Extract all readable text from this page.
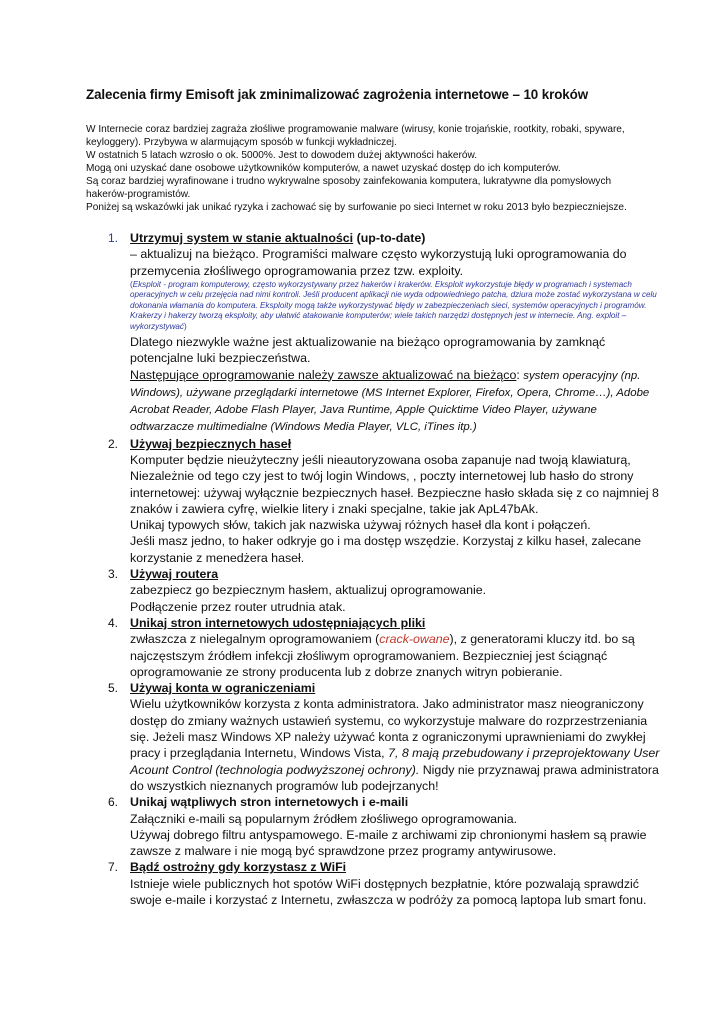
Zalecenia firmy Emisoft jak zminimalizować zagrożenia internetowe – 10 kroków

W Internecie coraz bardziej zagraża złośliwe programowanie malware (wirusy, konie trojańskie, rootkity, robaki, spyware, keyloggery). Przybywa w alarmującym sposób w funkcji wykładniczej.

W ostatnich 5 latach wzrosło o ok. 5000%. Jest to dowodem dużej aktywności hakerów.

Mogą oni uzyskać dane osobowe użytkowników komputerów, a nawet uzyskać dostęp do ich komputerów.

Są coraz bardziej wyrafinowane i trudno wykrywalne sposoby zainfekowania komputera, lukratywne dla pomysłowych hakerów-programistów.

Poniżej są wskazówki jak unikać ryzyka i zachować się by surfowanie po sieci Internet w roku 2013 było bezpieczniejsze.

1. Utrzymuj system w stanie aktualności (up-to-date)

– aktualizuj na bieżąco. Programiści malware często wykorzystują luki oprogramowania do przemycenia złośliwego oprogramowania przez tzw. exploity.

(Eksploit - program komputerowy, często wykorzystywany przez hakerów i krakerów. Eksploit wykorzystuje błędy w programach i systemach operacyjnych w celu przejęcia nad nimi kontroli. Jeśli producent aplikacji nie wyda odpowiedniego patcha, dziura może zostać wykorzystana w celu dokonania włamania do komputera. Eksploity mogą także wykorzystywać błędy w zabezpieczeniach sieci, systemów operacyjnych i programów. Krakerzy i hakerzy tworzą eksploity, aby ułatwić atakowanie komputerów; wiele takich narzędzi dostępnych jest w internecie. Ang. exploit – wykorzystywać)

Dlatego niezwykle ważne jest aktualizowanie na bieżąco oprogramowania by zamknąć potencjalne luki bezpieczeństwa.

Następujące oprogramowanie należy zawsze aktualizować na bieżąco: system operacyjny (np. Windows), używane przeglądarki internetowe (MS Internet Explorer, Firefox, Opera, Chrome…), Adobe Acrobat Reader, Adobe Flash Player, Java Runtime, Apple Quicktime Video Player, używane odtwarzacze multimedialne (Windows Media Player, VLC, iTines itp.)

2. Używaj bezpiecznych haseł

Komputer będzie nieużyteczny jeśli nieautoryzowana osoba zapanuje nad twoją klawiaturą, Niezależnie od tego czy jest to twój login Windows, , poczty internetowej lub hasło do strony internetowej: używaj wyłącznie bezpiecznych haseł. Bezpieczne hasło składa się z co najmniej 8 znaków i zawiera cyfrę, wielkie litery i znaki specjalne, takie jak ApL47bAk.

Unikaj typowych słów, takich jak nazwiska używaj różnych haseł dla kont i połączeń.

Jeśli masz jedno, to haker odkryje go i ma dostęp wszędzie. Korzystaj z kilku haseł, zalecane korzystanie z menedżera haseł.

3. Używaj routera

zabezpiecz go bezpiecznym hasłem, aktualizuj oprogramowanie.

Podłączenie przez router utrudnia atak.

4. Unikaj stron internetowych udostępniających pliki

zwłaszcza z nielegalnym oprogramowaniem (crack-owane), z generatorami kluczy itd. bo są najczęstszym źródłem infekcji złośliwym oprogramowaniem. Bezpieczniej jest ściągnąć oprogramowanie ze strony producenta lub z dobrze znanych witryn pobieranie.

5. Używaj konta w ograniczeniami

Wielu użytkowników korzysta z konta administratora. Jako administrator masz nieograniczony dostęp do zmiany ważnych ustawień systemu, co wykorzystuje malware do rozprzestrzeniania się. Jeżeli masz Windows XP należy używać konta z ograniczonymi uprawnieniami do zwykłej pracy i przeglądania Internetu, Windows Vista, 7, 8 mają przebudowany i przeprojektowany User Acount Control (technologia podwyższonej ochrony). Nigdy nie przyznawaj prawa administratora do wszystkich nieznanych programów lub podejrzanych!

6. Unikaj wątpliwych stron internetowych i e-maili

Załączniki e-maili są popularnym źródłem złośliwego oprogramowania.

Używaj dobrego filtru antyspamowego. E-maile z archiwami zip chronionymi hasłem są prawie zawsze z malware i nie mogą być sprawdzone przez programy antywirusowe.

7. Bądź ostrożny gdy korzystasz z WiFi

Istnieje wiele publicznych hot spotów WiFi dostępnych bezpłatnie, które pozwalają sprawdzić swoje e-maile i korzystać z Internetu, zwłaszcza w podróży za pomocą laptopa lub smart fonu.
